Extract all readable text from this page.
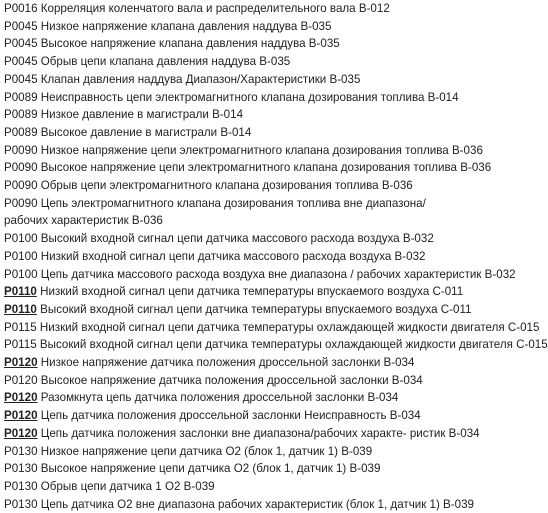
P0016 Корреляция коленчатого вала и распределительного вала В-012
P0045 Низкое напряжение клапана давления наддува В-035
P0045 Высокое напряжение клапана давления наддува В-035
P0045 Обрыв цепи клапана давления наддува В-035
P0045 Клапан давления наддува Диапазон/Характеристики В-035
P0089 Неисправность цепи электромагнитного клапана дозирования топлива В-014
P0089 Низкое давление в магистрали В-014
P0089 Высокое давление в магистрали В-014
P0090 Низкое напряжение цепи электромагнитного клапана дозирования топлива В-036
P0090 Высокое напряжение цепи электромагнитного клапана дозирования топлива В-036
P0090 Обрыв цепи электромагнитного клапана дозирования топлива В-036
P0090 Цепь электромагнитного клапана дозирования топлива вне диапазона/рабочих характеристик В-036
P0100 Высокий входной сигнал цепи датчика массового расхода воздуха В-032
P0100 Низкий входной сигнал цепи датчика массового расхода воздуха В-032
P0100 Цепь датчика массового расхода воздуха вне диапазона / рабочих характеристик В-032
P0110 Низкий входной сигнал цепи датчика температуры впускаемого воздуха С-011
P0110 Высокий входной сигнал цепи датчика температуры впускаемого воздуха С-011
P0115 Низкий входной сигнал цепи датчика температуры охлаждающей жидкости двигателя С-015
P0115 Высокий входной сигнал цепи датчика температуры охлаждающей жидкости двигателя С-015
P0120 Низкое напряжение датчика положения дроссельной заслонки В-034
P0120 Высокое напряжение датчика положения дроссельной заслонки В-034
P0120 Разомкнута цепь датчика положения дроссельной заслонки В-034
P0120 Цепь датчика положения дроссельной заслонки Неисправность В-034
P0120 Цепь датчика положения заслонки вне диапазона/рабочих характе- ристик В-034
P0130 Низкое напряжение цепи датчика О2 (блок 1, датчик 1) В-039
P0130 Высокое напряжение цепи датчика О2 (блок 1, датчик 1) В-039
P0130 Обрыв цепи датчика 1 О2 В-039
P0130 Цепь датчика О2 вне диапазона рабочих характеристик (блок 1, датчик 1) В-039
